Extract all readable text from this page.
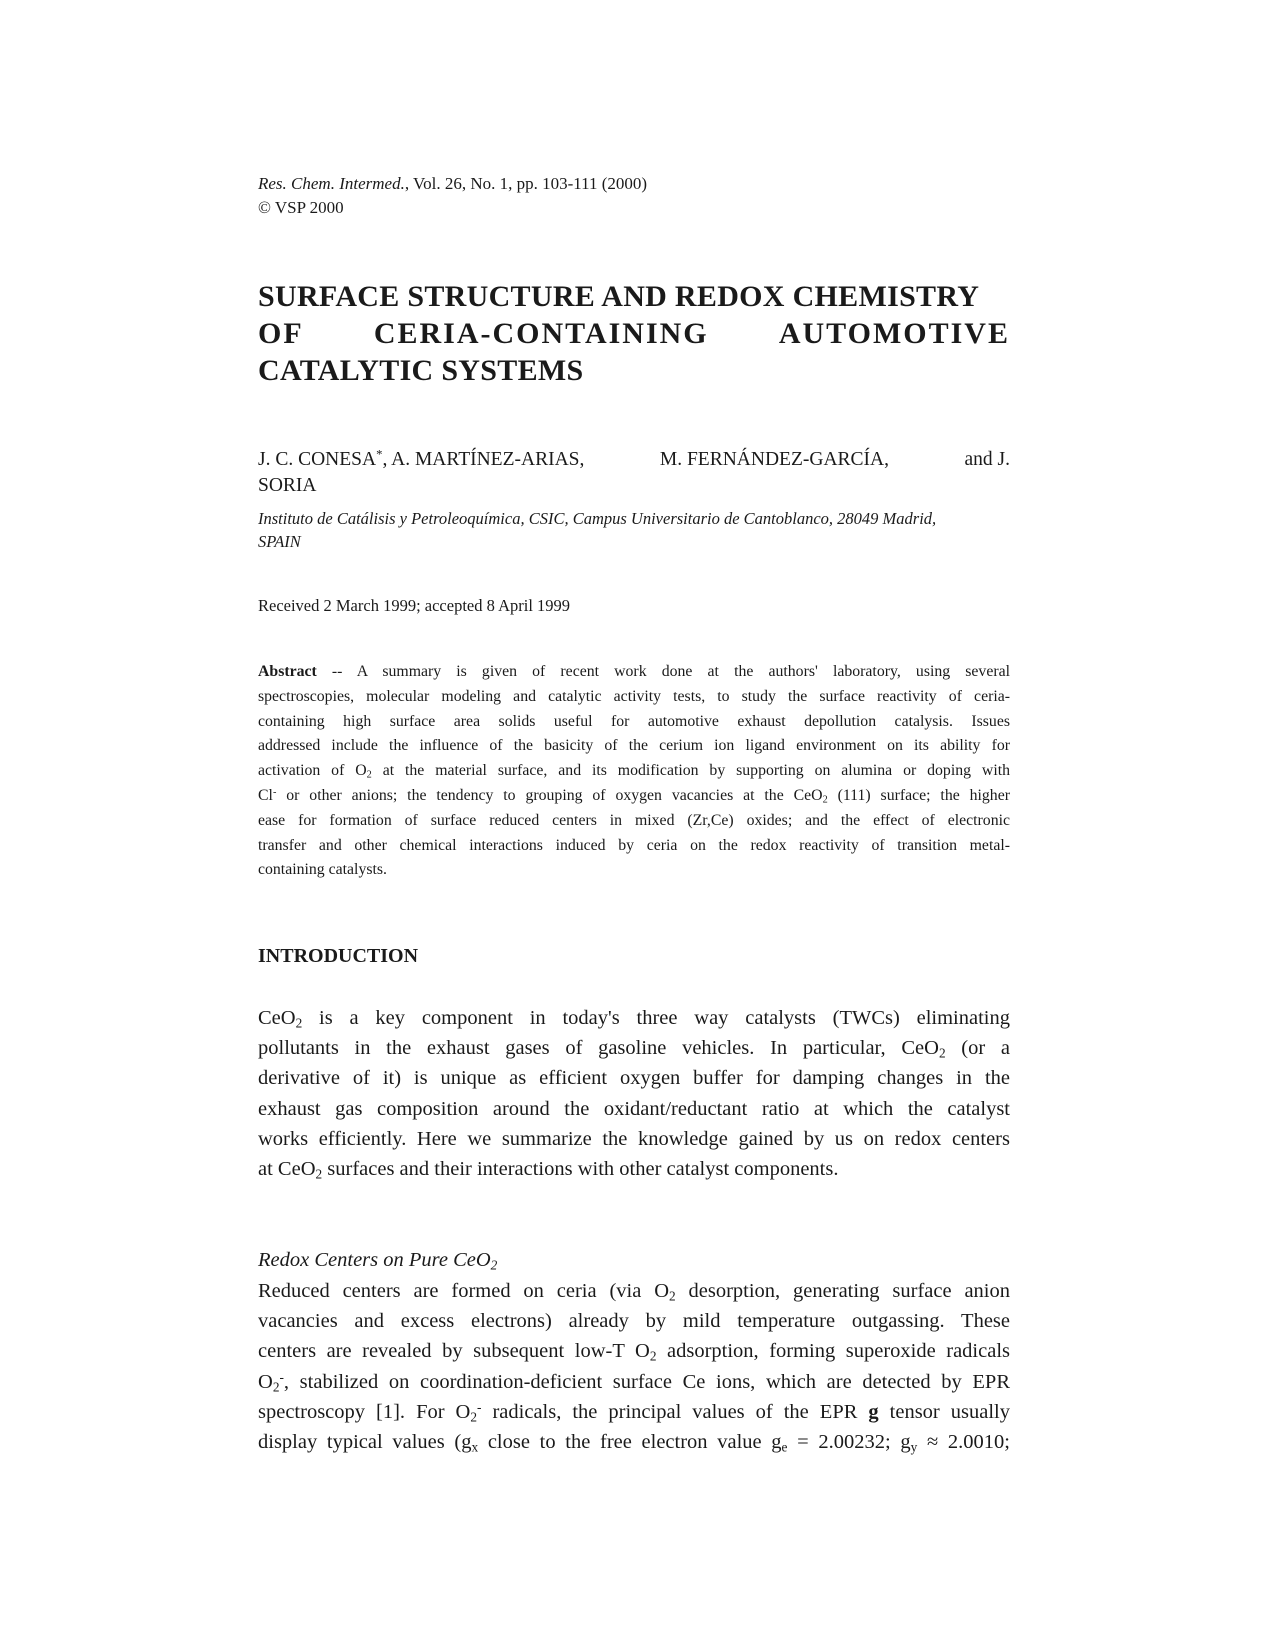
Res. Chem. Intermed., Vol. 26, No. 1, pp. 103-111 (2000)
© VSP 2000
SURFACE STRUCTURE AND REDOX CHEMISTRY
OF CERIA-CONTAINING AUTOMOTIVE
CATALYTIC SYSTEMS
J. C. CONESA*, A. MARTÍNEZ-ARIAS,	M. FERNÁNDEZ-GARCÍA,	and J.
SORIA
Instituto de Catálisis y Petroleoquímica, CSIC, Campus Universitario de Cantoblanco, 28049 Madrid,
SPAIN
Received 2 March 1999; accepted 8 April 1999
Abstract -- A summary is given of recent work done at the authors' laboratory, using several
spectroscopies, molecular modeling and catalytic activity tests, to study the surface reactivity of ceria-
containing high surface area solids useful for automotive exhaust depollution catalysis. Issues
addressed include the influence of the basicity of the cerium ion ligand environment on its ability for
activation of $O_2$ at the material surface, and its modification by supporting on alumina or doping with
Cl- or other anions; the tendency to grouping of oxygen vacancies at the CeO$_2$ (111) surface; the higher
ease for formation of surface reduced centers in mixed (Zr,Ce) oxides; and the effect of electronic
transfer and other chemical interactions induced by ceria on the redox reactivity of transition metal-
containing catalysts.
INTRODUCTION
CeO$_2$ is a key component in today's three way catalysts (TWCs) eliminating
pollutants in the exhaust gases of gasoline vehicles. In particular, CeO$_2$ (or a
derivative of it) is unique as efficient oxygen buffer for damping changes in the
exhaust gas composition around the oxidant/reductant ratio at which the catalyst
works efficiently. Here we summarize the knowledge gained by us on redox centers
at CeO$_2$ surfaces and their interactions with other catalyst components.
Redox Centers on Pure CeO$_2$
Reduced centers are formed on ceria (via $O_2$ desorption, generating surface anion
vacancies and excess electrons) already by mild temperature outgassing. These
centers are revealed by subsequent low-T $O_2$ adsorption, forming superoxide radicals
$O_2^-$, stabilized on coordination-deficient surface Ce ions, which are detected by EPR
spectroscopy [1]. For $O_2^-$ radicals, the principal values of the EPR g tensor usually
display typical values ($g_x$ close to the free electron value $g_e = 2.00232$; $g_y \approx 2.0010$;
